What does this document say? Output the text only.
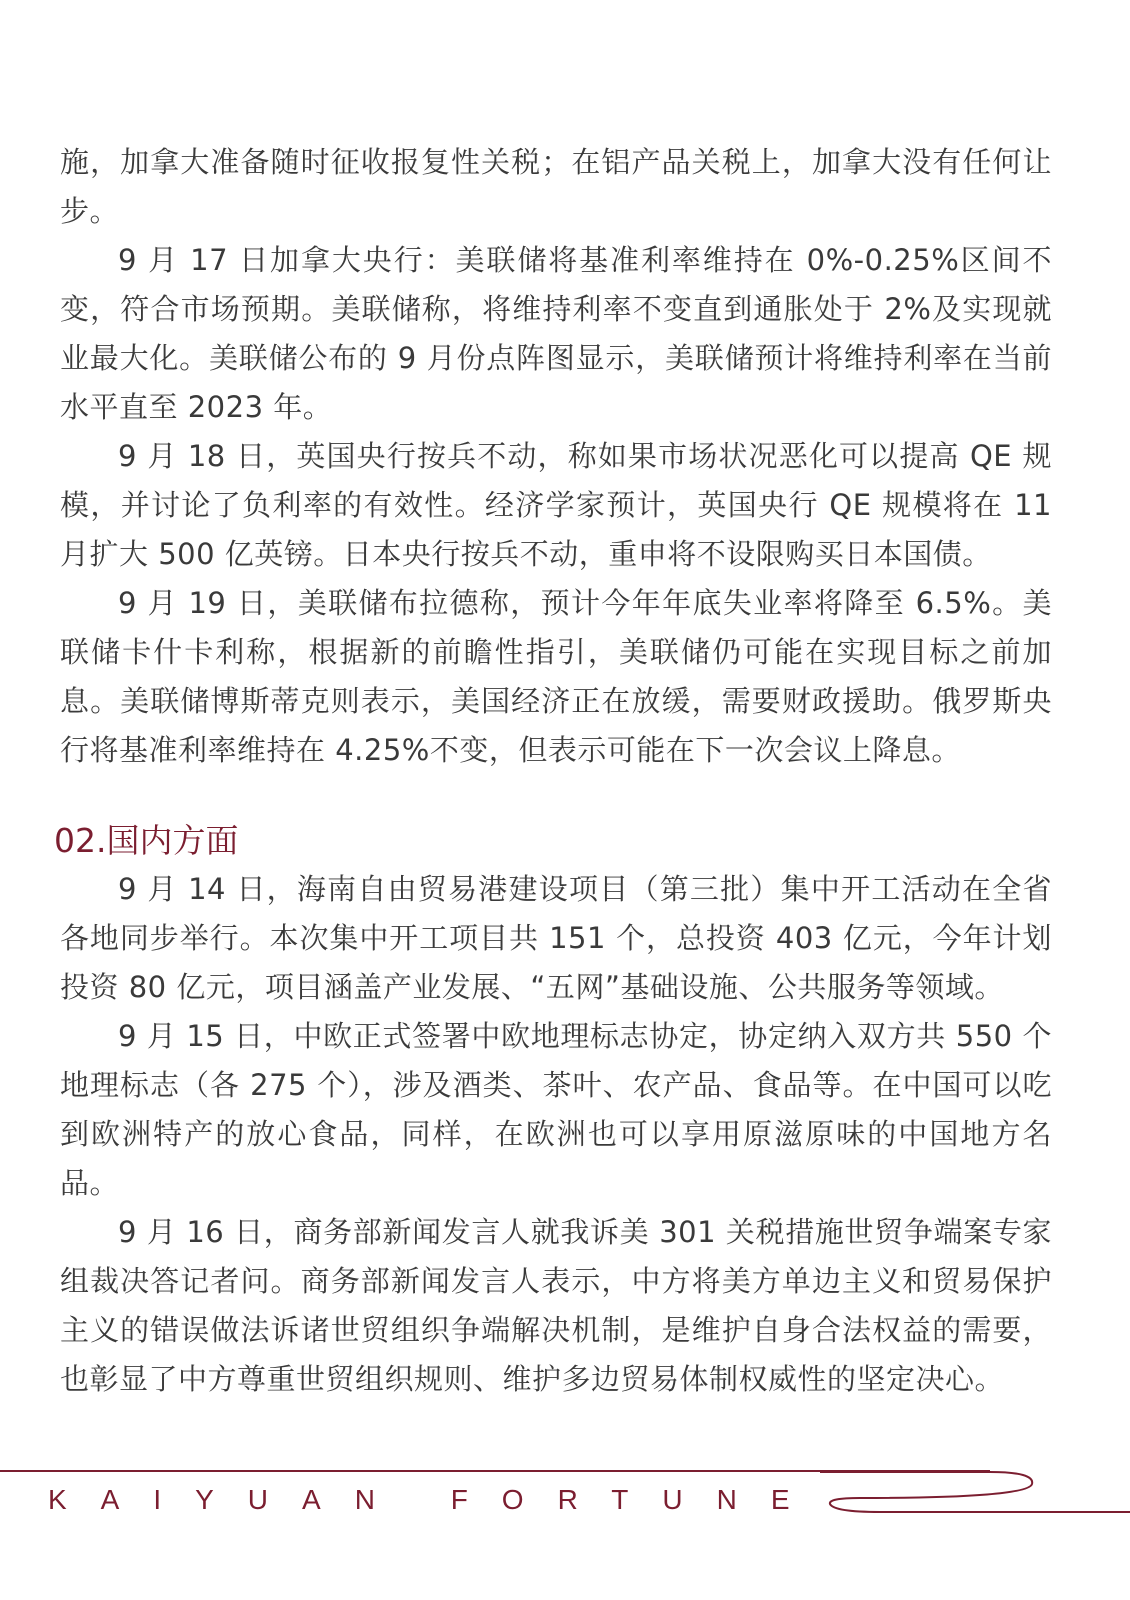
施，加拿大准备随时征收报复性关税；在铝产品关税上，加拿大没有任何让步。

9 月 17 日加拿大央行：美联储将基准利率维持在 0%-0.25%区间不变，符合市场预期。美联储称，将维持利率不变直到通胀处于 2%及实现就业最大化。美联储公布的 9 月份点阵图显示，美联储预计将维持利率在当前水平直至 2023 年。

9 月 18 日，英国央行按兵不动，称如果市场状况恶化可以提高 QE 规模，并讨论了负利率的有效性。经济学家预计，英国央行 QE 规模将在 11 月扩大 500 亿英镑。日本央行按兵不动，重申将不设限购买日本国债。

9 月 19 日，美联储布拉德称，预计今年年底失业率将降至 6.5%。美联储卡什卡利称，根据新的前瞻性指引，美联储仍可能在实现目标之前加息。美联储博斯蒂克则表示，美国经济正在放缓，需要财政援助。俄罗斯央行将基准利率维持在 4.25%不变，但表示可能在下一次会议上降息。

02.国内方面

9 月 14 日，海南自由贸易港建设项目（第三批）集中开工活动在全省各地同步举行。本次集中开工项目共 151 个，总投资 403 亿元，今年计划投资 80 亿元，项目涵盖产业发展、“五网”基础设施、公共服务等领域。

9 月 15 日，中欧正式签署中欧地理标志协定，协定纳入双方共 550 个地理标志（各 275 个），涉及酒类、茶叶、农产品、食品等。在中国可以吃到欧洲特产的放心食品，同样，在欧洲也可以享用原滋原味的中国地方名品。

9 月 16 日，商务部新闻发言人就我诉美 301 关税措施世贸争端案专家组裁决答记者问。商务部新闻发言人表示，中方将美方单边主义和贸易保护主义的错误做法诉诸世贸组织争端解决机制，是维护自身合法权益的需要，也彰显了中方尊重世贸组织规则、维护多边贸易体制权威性的坚定决心。

KAIYUAN FORTUNE
